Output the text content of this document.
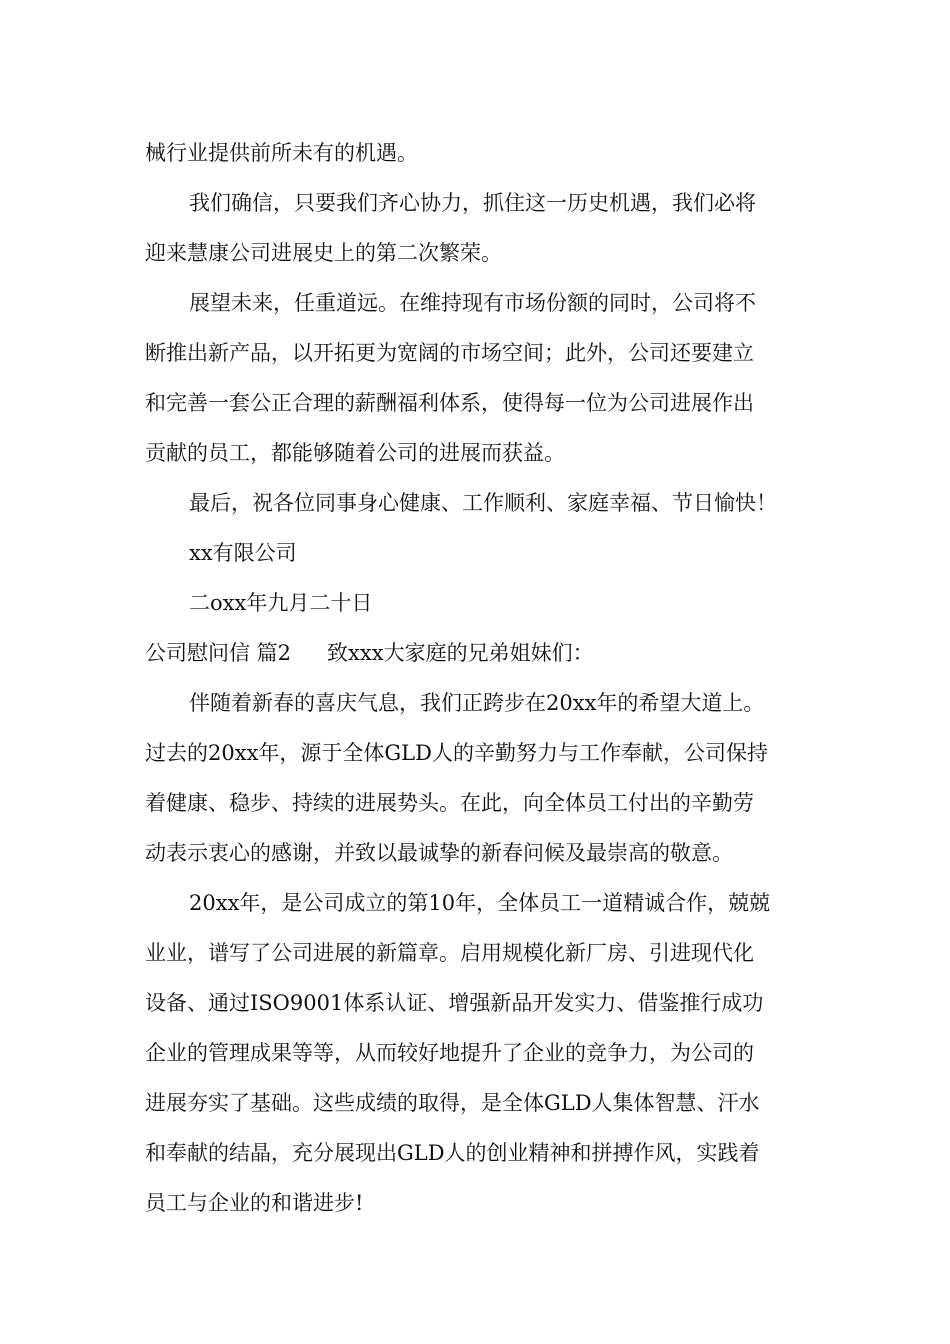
械行业提供前所未有的机遇。
我们确信，只要我们齐心协力，抓住这一历史机遇，我们必将
迎来慧康公司进展史上的第二次繁荣。
展望未来，任重道远。在维持现有市场份额的同时，公司将不
断推出新产品，以开拓更为宽阔的市场空间；此外，公司还要建立
和完善一套公正合理的薪酬福利体系，使得每一位为公司进展作出
贡献的员工，都能够随着公司的进展而获益。
最后，祝各位同事身心健康、工作顺利、家庭幸福、节日愉快！
xx有限公司
二oxx年九月二十日
公司慰问信 篇2 致xxx大家庭的兄弟姐妹们：
伴随着新春的喜庆气息，我们正跨步在20xx年的希望大道上。
过去的20xx年，源于全体GLD人的辛勤努力与工作奉献，公司保持
着健康、稳步、持续的进展势头。在此，向全体员工付出的辛勤劳
动表示衷心的感谢，并致以最诚挚的新春问候及最崇高的敬意。
20xx年，是公司成立的第10年，全体员工一道精诚合作，兢兢
业业，谱写了公司进展的新篇章。启用规模化新厂房、引进现代化
设备、通过ISO9001体系认证、增强新品开发实力、借鉴推行成功
企业的管理成果等等，从而较好地提升了企业的竞争力，为公司的
进展夯实了基础。这些成绩的取得，是全体GLD人集体智慧、汗水
和奉献的结晶，充分展现出GLD人的创业精神和拼搏作风，实践着
员工与企业的和谐进步!
